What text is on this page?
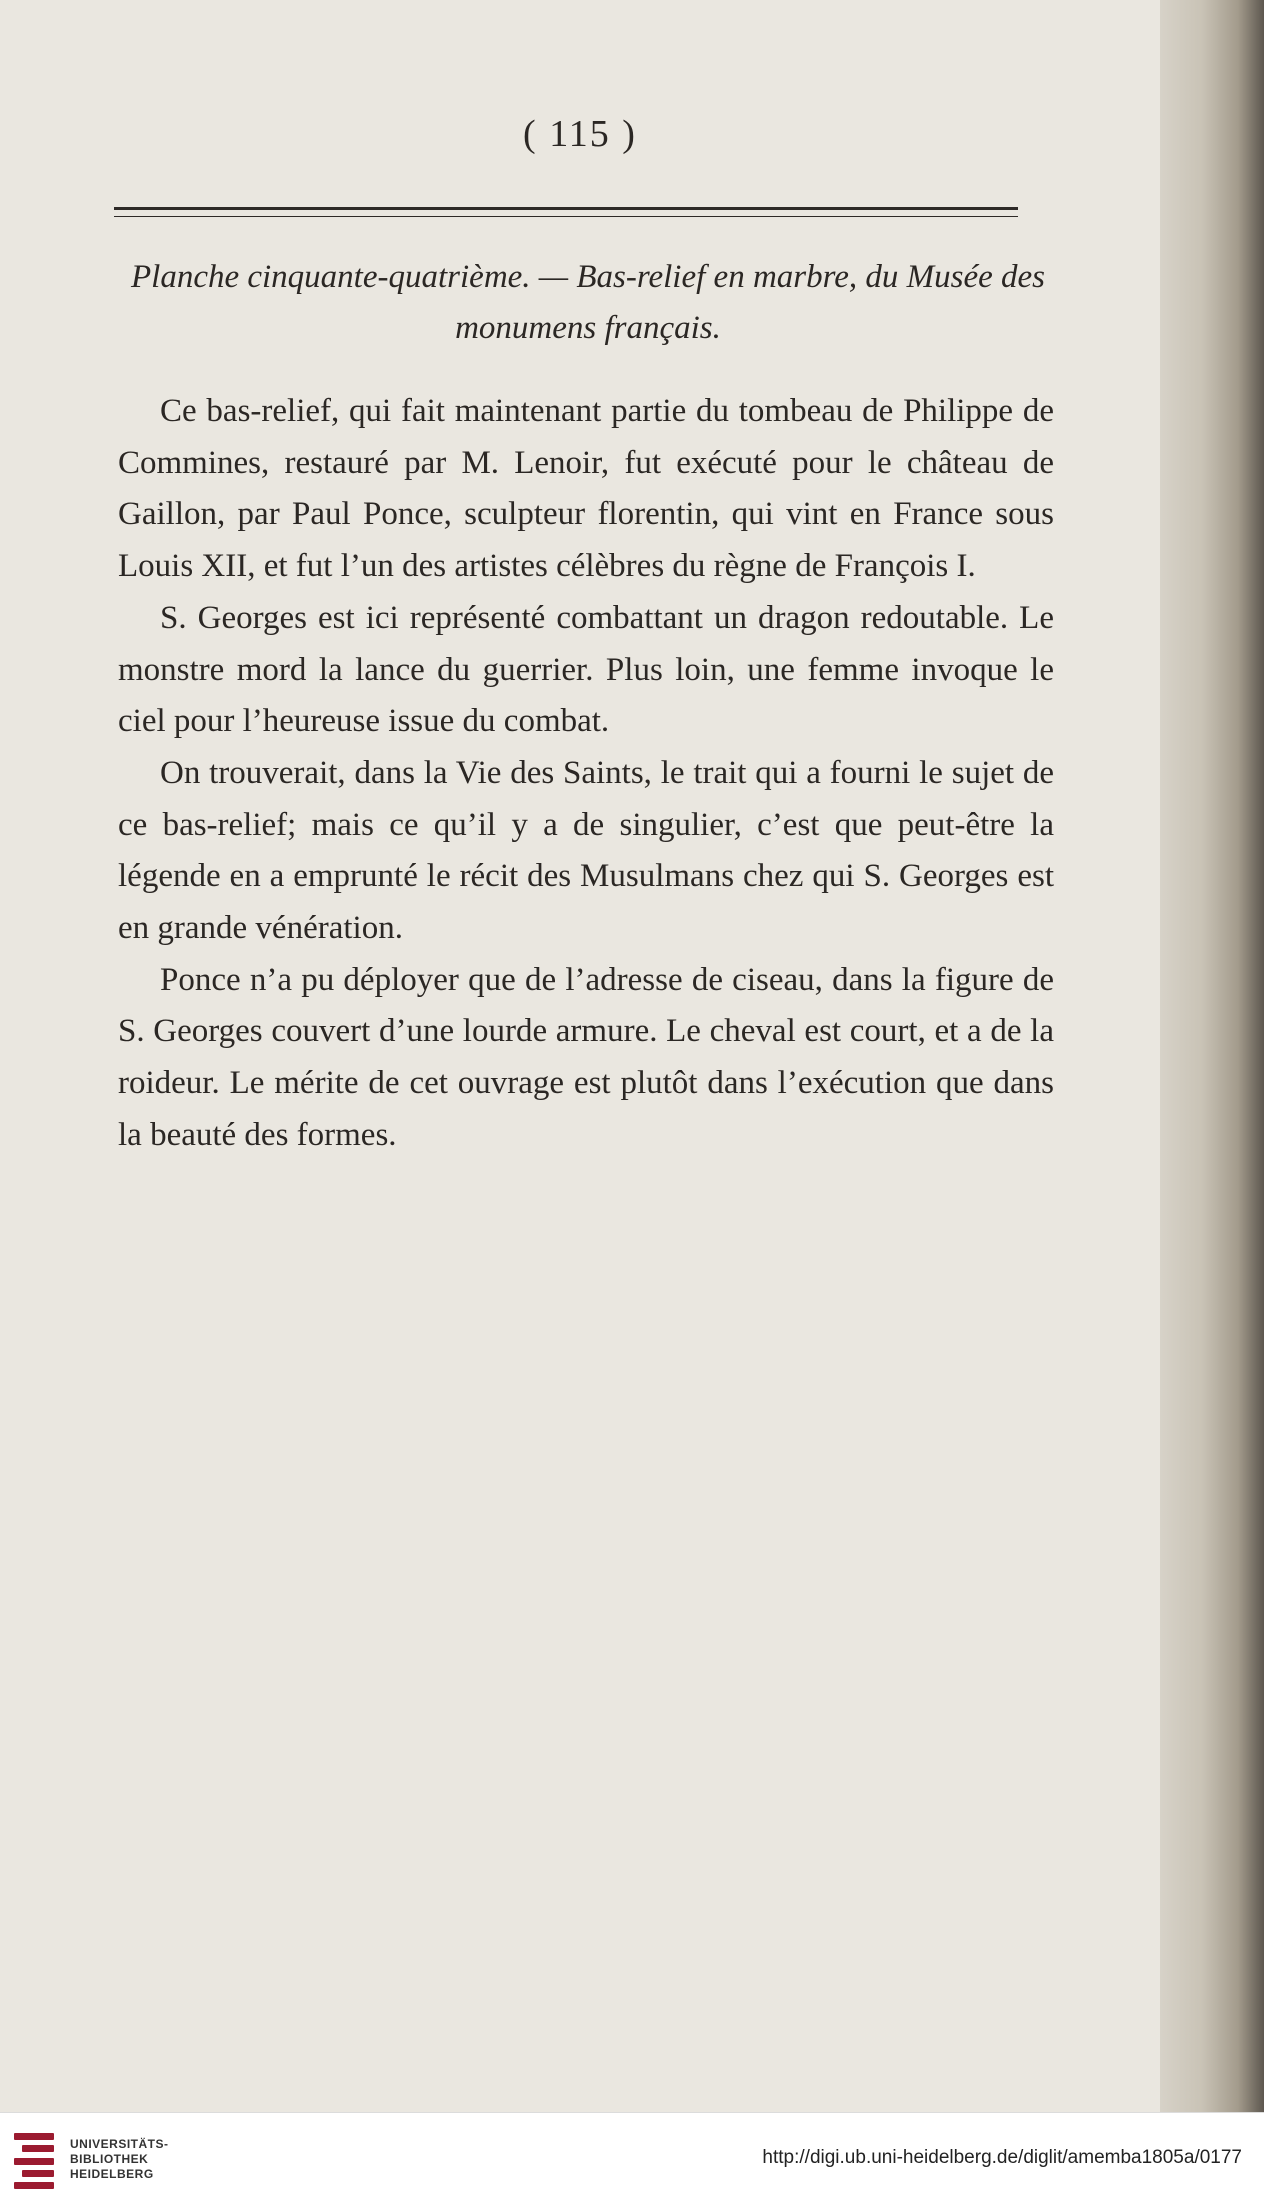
( 115 )
Planche cinquante-quatrième. — Bas-relief en marbre, du Musée des monumens français.

Ce bas-relief, qui fait maintenant partie du tombeau de Philippe de Commines, restauré par M. Lenoir, fut exécuté pour le château de Gaillon, par Paul Ponce, sculpteur florentin, qui vint en France sous Louis XII, et fut l’un des artistes célèbres du règne de François I.

S. Georges est ici représenté combattant un dragon redoutable. Le monstre mord la lance du guerrier. Plus loin, une femme invoque le ciel pour l’heureuse issue du combat.

On trouverait, dans la Vie des Saints, le trait qui a fourni le sujet de ce bas-relief; mais ce qu’il y a de singulier, c’est que peut-être la légende en a emprunté le récit des Musulmans chez qui S. Georges est en grande vénération.

Ponce n’a pu déployer que de l’adresse de ciseau, dans la figure de S. Georges couvert d’une lourde armure. Le cheval est court, et a de la roideur. Le mérite de cet ouvrage est plutôt dans l’exécution que dans la beauté des formes.

UNIVERSITÄTS-
BIBLIOTHEK
HEIDELBERG
http://digi.ub.uni-heidelberg.de/diglit/amemba1805a/0177
